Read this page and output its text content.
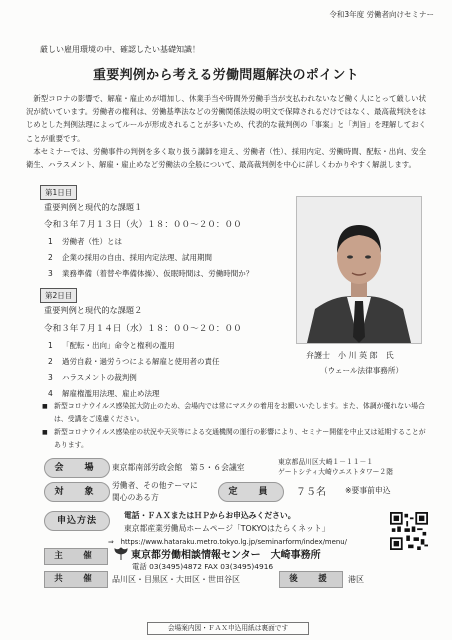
令和3年度 労働者向けセミナー
厳しい雇用環境の中、確認したい基礎知識！
重要判例から考える労働問題解決のポイント

新型コロナの影響で、解雇・雇止めが増加し、休業手当や時間外労働手当が支払われないなど働く人にとって厳しい状況が続いています。労働者の権利は、労働基準法などの労働関係法規の明文で保障されるだけではなく、最高裁判決をはじめとした判例法理によってルールが形成されることが多いため、代表的な裁判例の「事案」と「判旨」を理解しておくことが重要です。

本セミナーでは、労働事件の判例を多く取り扱う講師を迎え、労働者（性）、採用内定、労働時間、配転・出向、安全衛生、ハラスメント、解雇・雇止めなど労働法の全般について、最高裁判例を中心に詳しくわかりやすく解説します。

第1日目
重要判例と現代的な課題１
令和３年７月１３日（火）１８：００～２０：００
1 労働者（性）とは
2 企業の採用の自由、採用内定法理、試用期間
3 業務準備（着替や準備体操）、仮眠時間は、労働時間か？
第2日目
重要判例と現代的な課題２
令和３年７月１４日（水）１８：００～２０：００
1 「配転・出向」命令と権利の濫用
2 過労自殺・過労うつによる解雇と使用者の責任
3 ハラスメントの裁判例
4 解雇権濫用法理、雇止め法理
弁護士　小 川 英 郎　氏
（ウェール法律事務所）
■ 新型コロナウイルス感染拡大防止のため、会場内では常にマスクの着用をお願いいたします。また、体調が優れない場合は、受講をご遠慮ください。
■ 新型コロナウイルス感染症の状況や天災等による交通機関の運行の影響により、セミナー開催を中止又は延期することがあります。
会　場	東京都南部労政会館　第５・６会議室
東京都品川区大崎１－１１－１
ゲートシティ大崎ウエストタワー２階
対　象
労働者、その他テーマに
関心のある方
定　員	７５名 ※要事前申込
申込方法
電話・ＦＡＸまたはＨＰからお申込みください。
東京都産業労働局ホームページ「TOKYOはたらくネット」
⇒　https://www.hataraku.metro.tokyo.lg.jp/seminarform/index/menu/
主　催	東京都労働相談情報センター　大崎事務所
電話 03(3495)4872 FAX 03(3495)4916
共　催	品川区・目黒区・大田区・世田谷区	後　援	港区
会場案内図・ＦＡＸ申込用紙は裏面です
